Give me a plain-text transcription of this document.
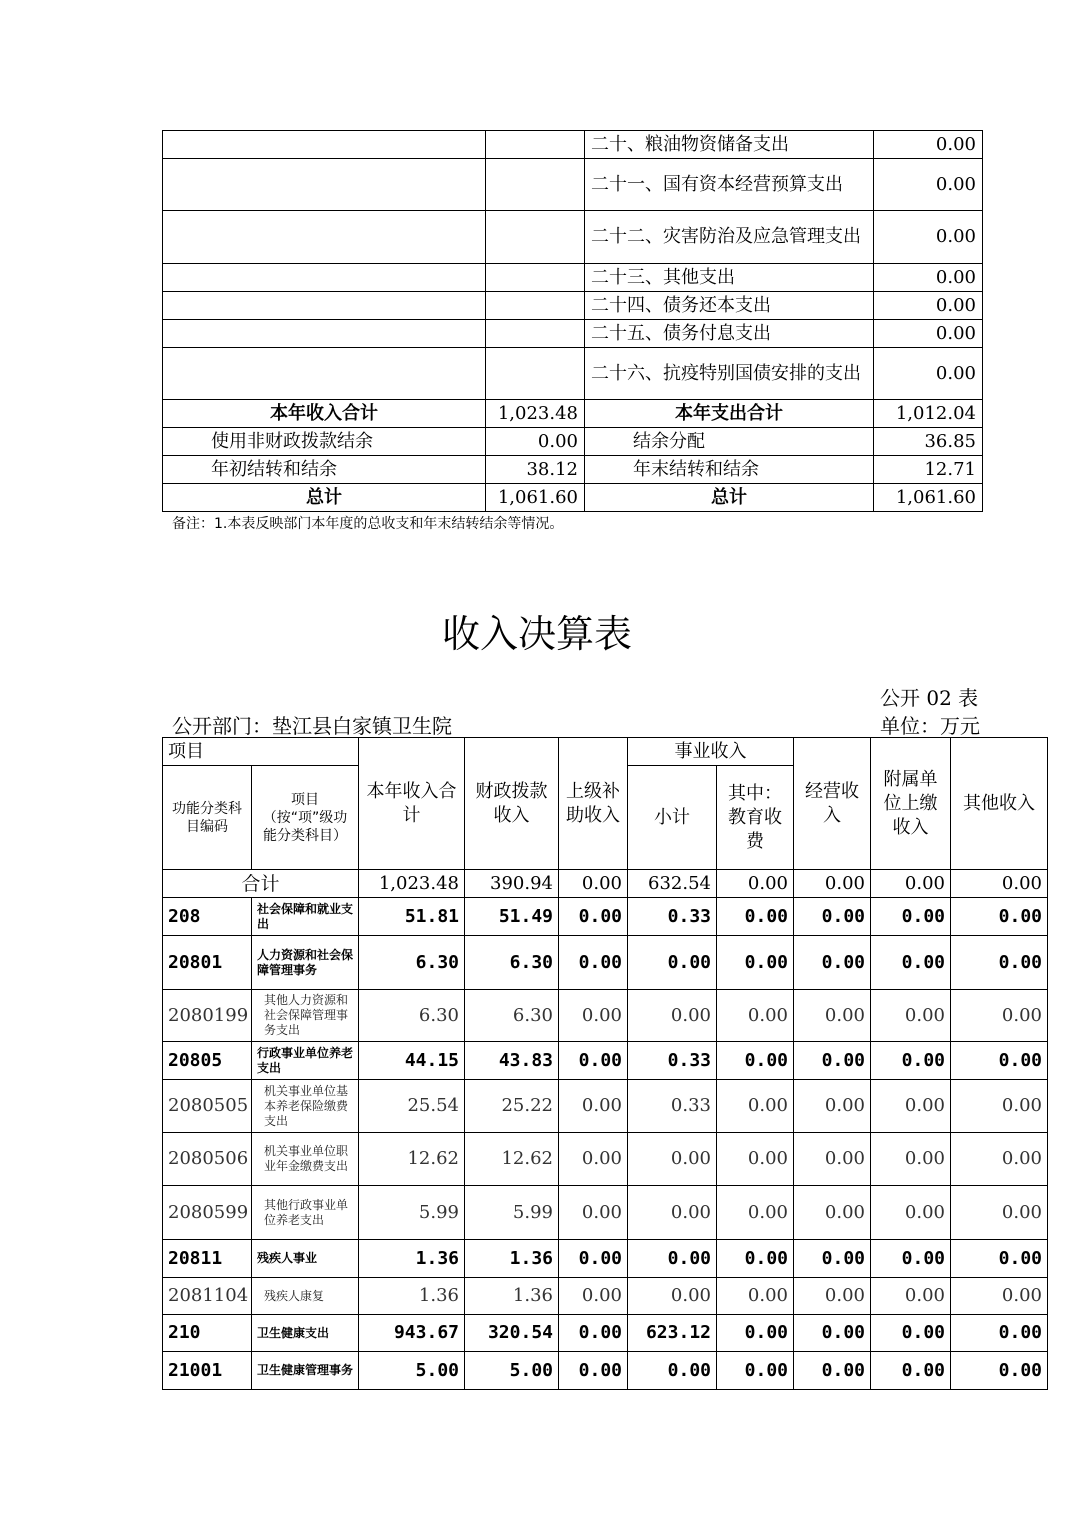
		二十、粮油物资储备支出	0.00
		二十一、国有资本经营预算支出	0.00
		二十二、灾害防治及应急管理支出	0.00
		二十三、其他支出	0.00
		二十四、债务还本支出	0.00
		二十五、债务付息支出	0.00
		二十六、抗疫特别国债安排的支出	0.00
本年收入合计	1,023.48	本年支出合计	1,012.04
使用非财政拨款结余	0.00	结余分配	36.85
年初结转和结余	38.12	年末结转和结余	12.71
总计	1,061.60	总计	1,061.60
备注：1.本表反映部门本年度的总收支和年末结转结余等情况。
收入决算表
公开 02 表
公开部门：垫江县白家镇卫生院	单位：万元
项目		本年收入合计	财政拨款收入	上级补助收入	事业收入		经营收入	附属单位上缴收入	其他收入
功能分类科目编码	项目（按“项”级功能分类科目）				小计	其中：教育收费			
合计		1,023.48	390.94	0.00	632.54	0.00	0.00	0.00	0.00
208	社会保障和就业支出	51.81	51.49	0.00	0.33	0.00	0.00	0.00	0.00
20801	人力资源和社会保障管理事务	6.30	6.30	0.00	0.00	0.00	0.00	0.00	0.00
2080199	其他人力资源和社会保障管理事务支出	6.30	6.30	0.00	0.00	0.00	0.00	0.00	0.00
20805	行政事业单位养老支出	44.15	43.83	0.00	0.33	0.00	0.00	0.00	0.00
2080505	机关事业单位基本养老保险缴费支出	25.54	25.22	0.00	0.33	0.00	0.00	0.00	0.00
2080506	机关事业单位职业年金缴费支出	12.62	12.62	0.00	0.00	0.00	0.00	0.00	0.00
2080599	其他行政事业单位养老支出	5.99	5.99	0.00	0.00	0.00	0.00	0.00	0.00
20811	残疾人事业	1.36	1.36	0.00	0.00	0.00	0.00	0.00	0.00
2081104	残疾人康复	1.36	1.36	0.00	0.00	0.00	0.00	0.00	0.00
210	卫生健康支出	943.67	320.54	0.00	623.12	0.00	0.00	0.00	0.00
21001	卫生健康管理事务	5.00	5.00	0.00	0.00	0.00	0.00	0.00	0.00
